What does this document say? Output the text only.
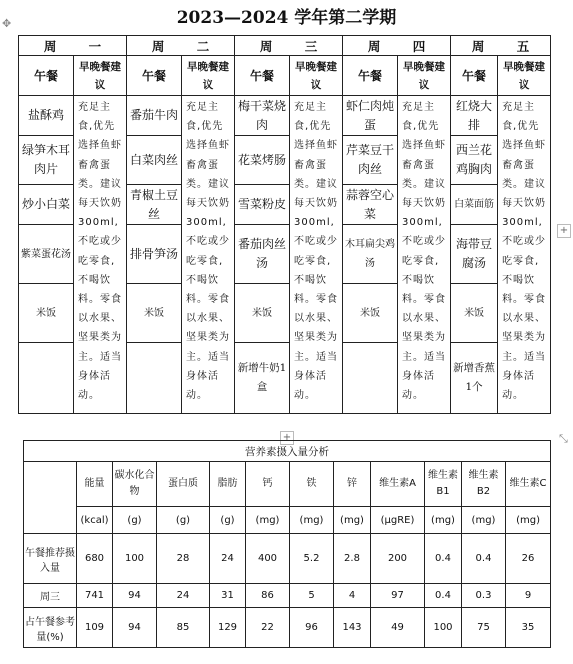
✥	2023—2024 学年第二学期
周 一		周 二		周 三		周 四		周 五	
午餐	早晚餐建议	午餐	早晚餐建议	午餐	早晚餐建议	午餐	早晚餐建议	午餐	早晚餐建议
盐酥鸡	充足主食,优先选择鱼虾畜禽蛋类。建议每天饮奶300ml,不吃或少吃零食,不喝饮料。零食以水果、坚果类为主。适当身体活动。	番茄牛肉	充足主食,优先选择鱼虾畜禽蛋类。建议每天饮奶300ml,不吃或少吃零食,不喝饮料。零食以水果、坚果类为主。适当身体活动。	梅干菜烧肉	充足主食,优先选择鱼虾畜禽蛋类。建议每天饮奶300ml,不吃或少吃零食,不喝饮料。零食以水果、坚果类为主。适当身体活动。	虾仁肉炖蛋	充足主食,优先选择鱼虾畜禽蛋类。建议每天饮奶300ml,不吃或少吃零食,不喝饮料。零食以水果、坚果类为主。适当身体活动。	红烧大排	充足主食,优先选择鱼虾畜禽蛋类。建议每天饮奶300ml,不吃或少吃零食,不喝饮料。零食以水果、坚果类为主。适当身体活动。
绿笋木耳肉片		白菜肉丝		花菜烤肠		芹菜豆干肉丝		西兰花鸡胸肉	
炒小白菜		青椒土豆丝		雪菜粉皮		蒜蓉空心菜		白菜面筋	
紫菜蛋花汤		排骨笋汤		番茄肉丝汤		木耳扁尖鸡汤		海带豆腐汤	
米饭		米饭		米饭		米饭		米饭	
				新增牛奶1盒				新增香蕉1个	
+
+	⤡
营养素摄入量分析											
	能量	碳水化合物	蛋白质	脂肪	钙	铁	锌	维生素A	维生素B1	维生素B2	维生素C
	(kcal)	(g)	(g)	(g)	(mg)	(mg)	(mg)	(μgRE)	(mg)	(mg)	(mg)
午餐推荐摄入量	680	100	28	24	400	5.2	2.8	200	0.4	0.4	26
周三	741	94	24	31	86	5	4	97	0.4	0.3	9
占午餐参考量(%)	109	94	85	129	22	96	143	49	100	75	35
